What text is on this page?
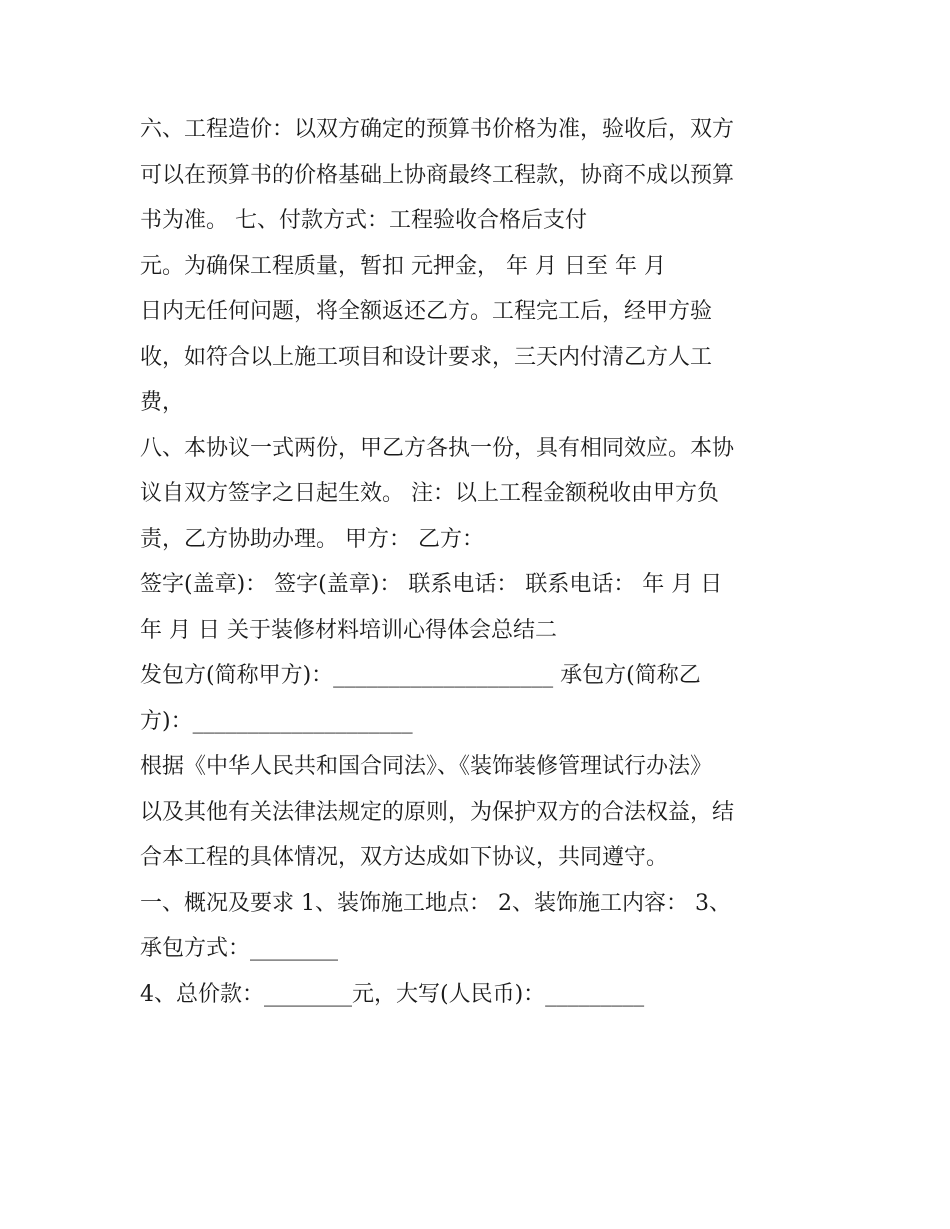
六、工程造价：以双方确定的预算书价格为准，验收后，双方
可以在预算书的价格基础上协商最终工程款，协商不成以预算
书为准。 七、付款方式：工程验收合格后支付
元。为确保工程质量，暂扣 元押金， 年 月 日至 年 月
日内无任何问题，将全额返还乙方。工程完工后，经甲方验
收，如符合以上施工项目和设计要求，三天内付清乙方人工
费，
八、本协议一式两份，甲乙方各执一份，具有相同效应。本协
议自双方签字之日起生效。 注：以上工程金额税收由甲方负
责，乙方协助办理。 甲方： 乙方：
签字(盖章)： 签字(盖章)： 联系电话： 联系电话： 年 月 日
年 月 日 关于装修材料培训心得体会总结二
发包方(简称甲方)：____________________ 承包方(简称乙
方)：____________________
根据《中华人民共和国合同法》、《装饰装修管理试行办法》
以及其他有关法律法规定的原则，为保护双方的合法权益，结
合本工程的具体情况，双方达成如下协议，共同遵守。
一、概况及要求 1、装饰施工地点： 2、装饰施工内容： 3、
承包方式：________
4、总价款：________元，大写(人民币)：_________
